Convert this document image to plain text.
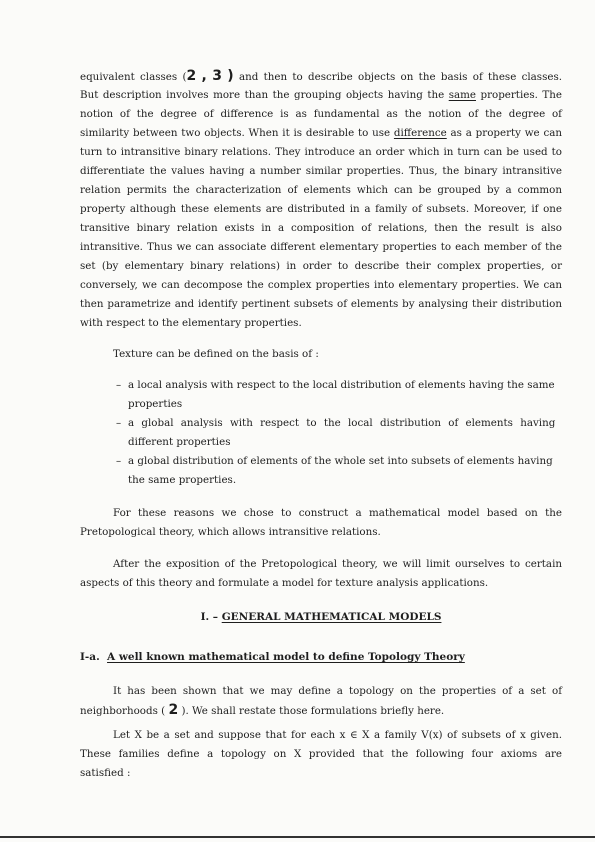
equivalent classes (2 , 3 ) and then to describe objects on the basis of these classes.
But description involves more than the grouping objects having the same properties. The
notion of the degree of difference is as fundamental as the notion of the degree of
similarity between two objects. When it is desirable to use difference as a property we can
turn to intransitive binary relations. They introduce an order which in turn can be used to
differentiate the values having a number similar properties. Thus, the binary intransitive
relation permits the characterization of elements which can be grouped by a common
property although these elements are distributed in a family of subsets. Moreover, if one
transitive binary relation exists in a composition of relations, then the result is also
intransitive. Thus we can associate different elementary properties to each member of the
set (by elementary binary relations) in order to describe their complex properties, or
conversely, we can decompose the complex properties into elementary properties. We can
then parametrize and identify pertinent subsets of elements by analysing their distribution
with respect to the elementary properties.
Texture can be defined on the basis of :
– a local analysis with respect to the local distribution of elements having the same
properties
– a global analysis with respect to the local distribution of elements having
different properties
– a global distribution of elements of the whole set into subsets of elements having
the same properties.
For these reasons we chose to construct a mathematical model based on the
Pretopological theory, which allows intransitive relations.
After the exposition of the Pretopological theory, we will limit ourselves to certain
aspects of this theory and formulate a model for texture analysis applications.
I. – GENERAL MATHEMATICAL MODELS
I-a. A well known mathematical model to define Topology Theory
It has been shown that we may define a topology on the properties of a set of
neighborhoods ( 2 ). We shall restate those formulations briefly here.
Let X be a set and suppose that for each x ∈ X a family V(x) of subsets of x given.
These families define a topology on X provided that the following four axioms are
satisfied :
